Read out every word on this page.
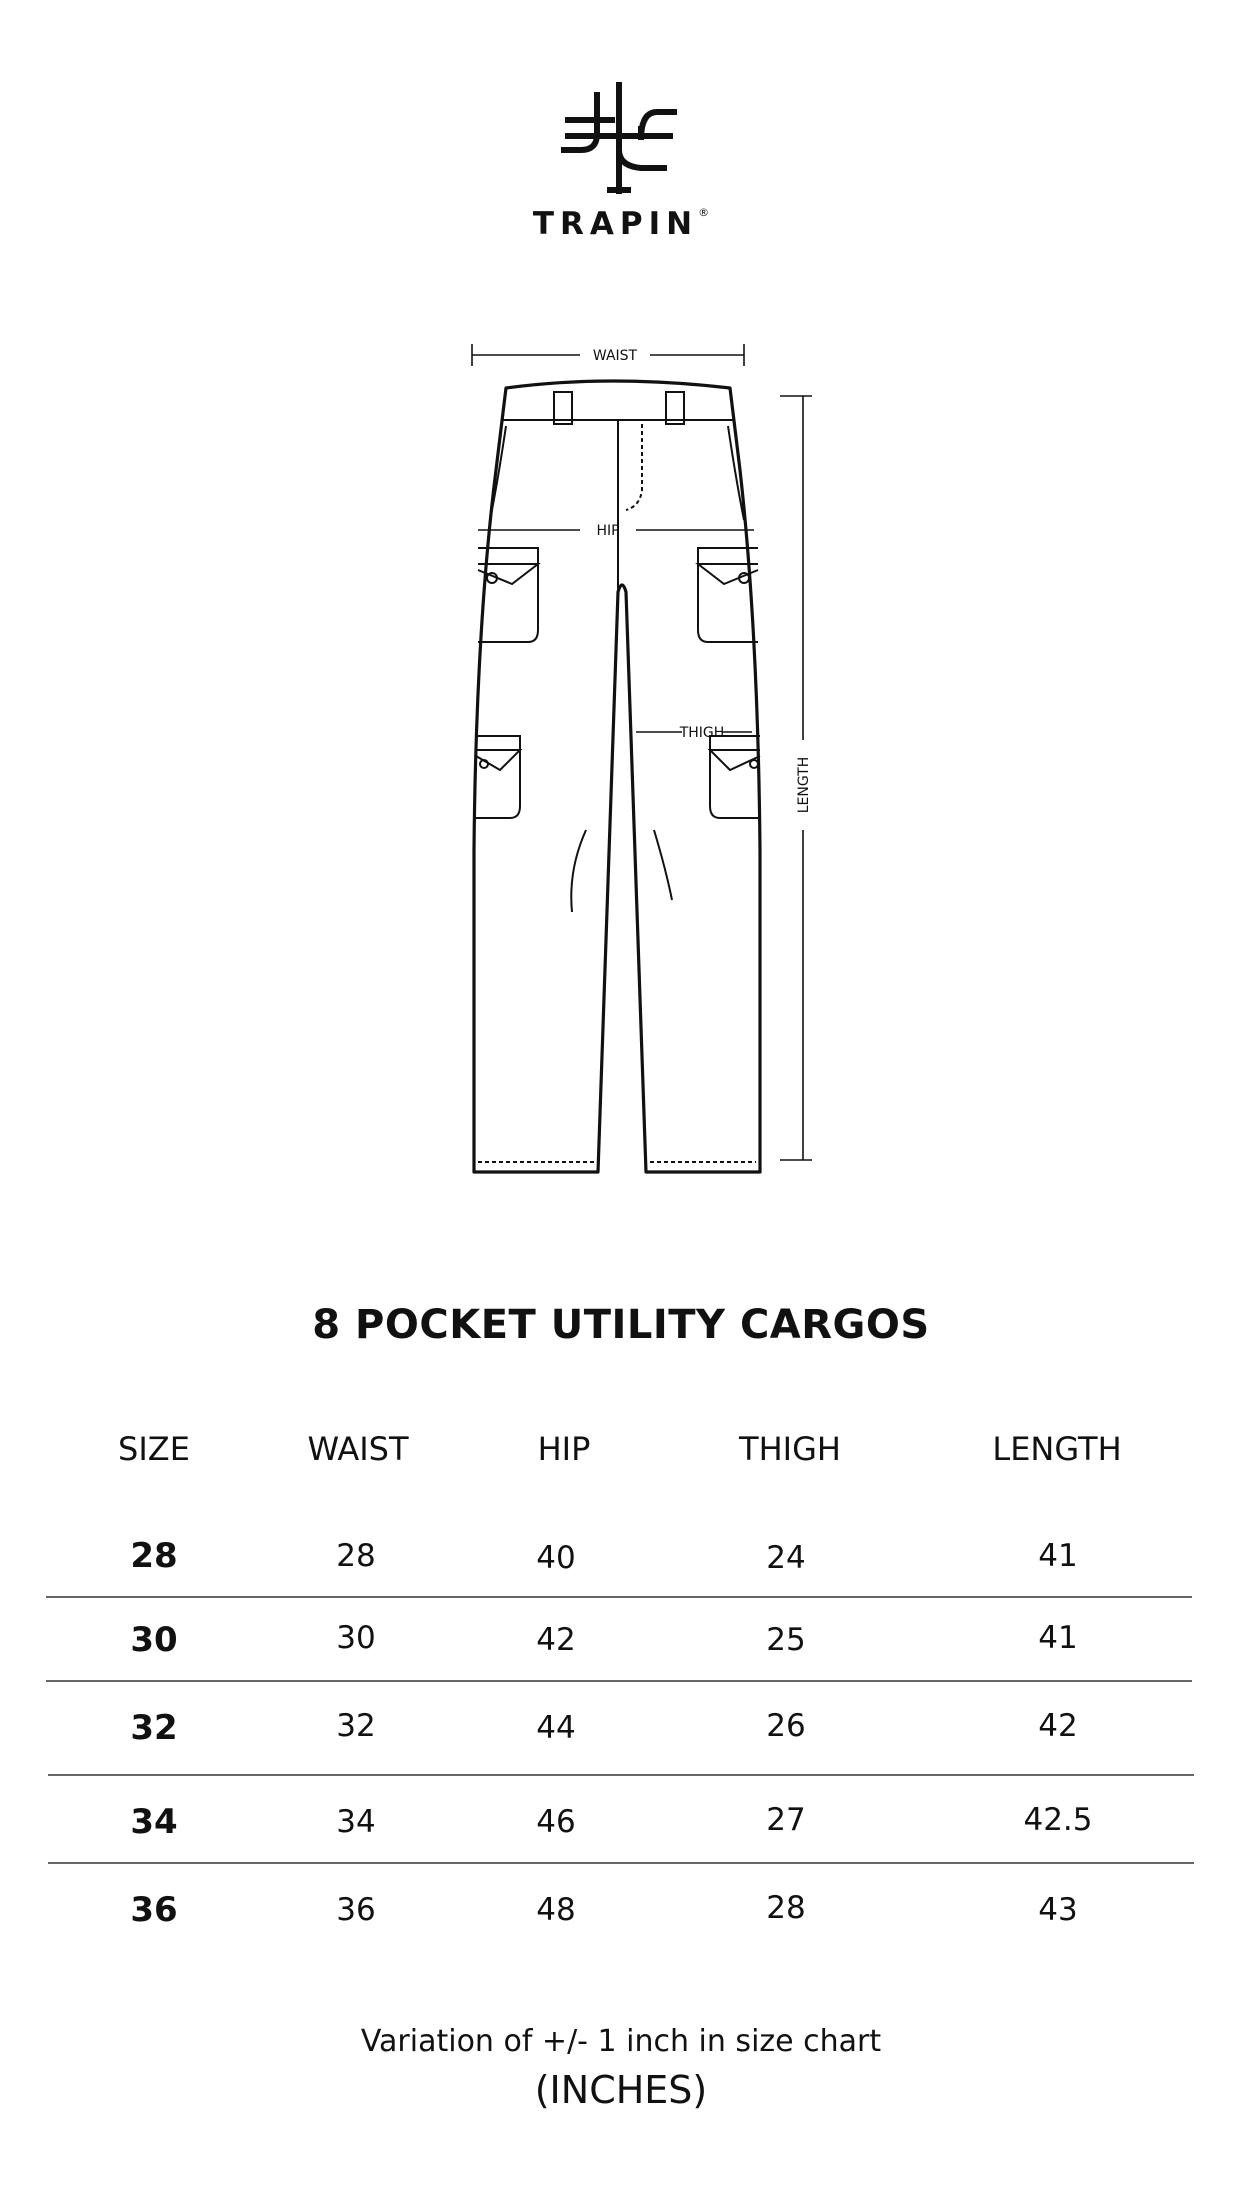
TRAPIN®
WAIST
HIP
THIGH
LENGTH
8 POCKET UTILITY CARGOS
SIZE	WAIST	HIP	THIGH	LENGTH
28	28	40	24	41
30	30	42	25	41
32	32	44	26	42
34	34	46	27	42.5
36	36	48	28	43
Variation of +/- 1 inch in size chart
(INCHES)
